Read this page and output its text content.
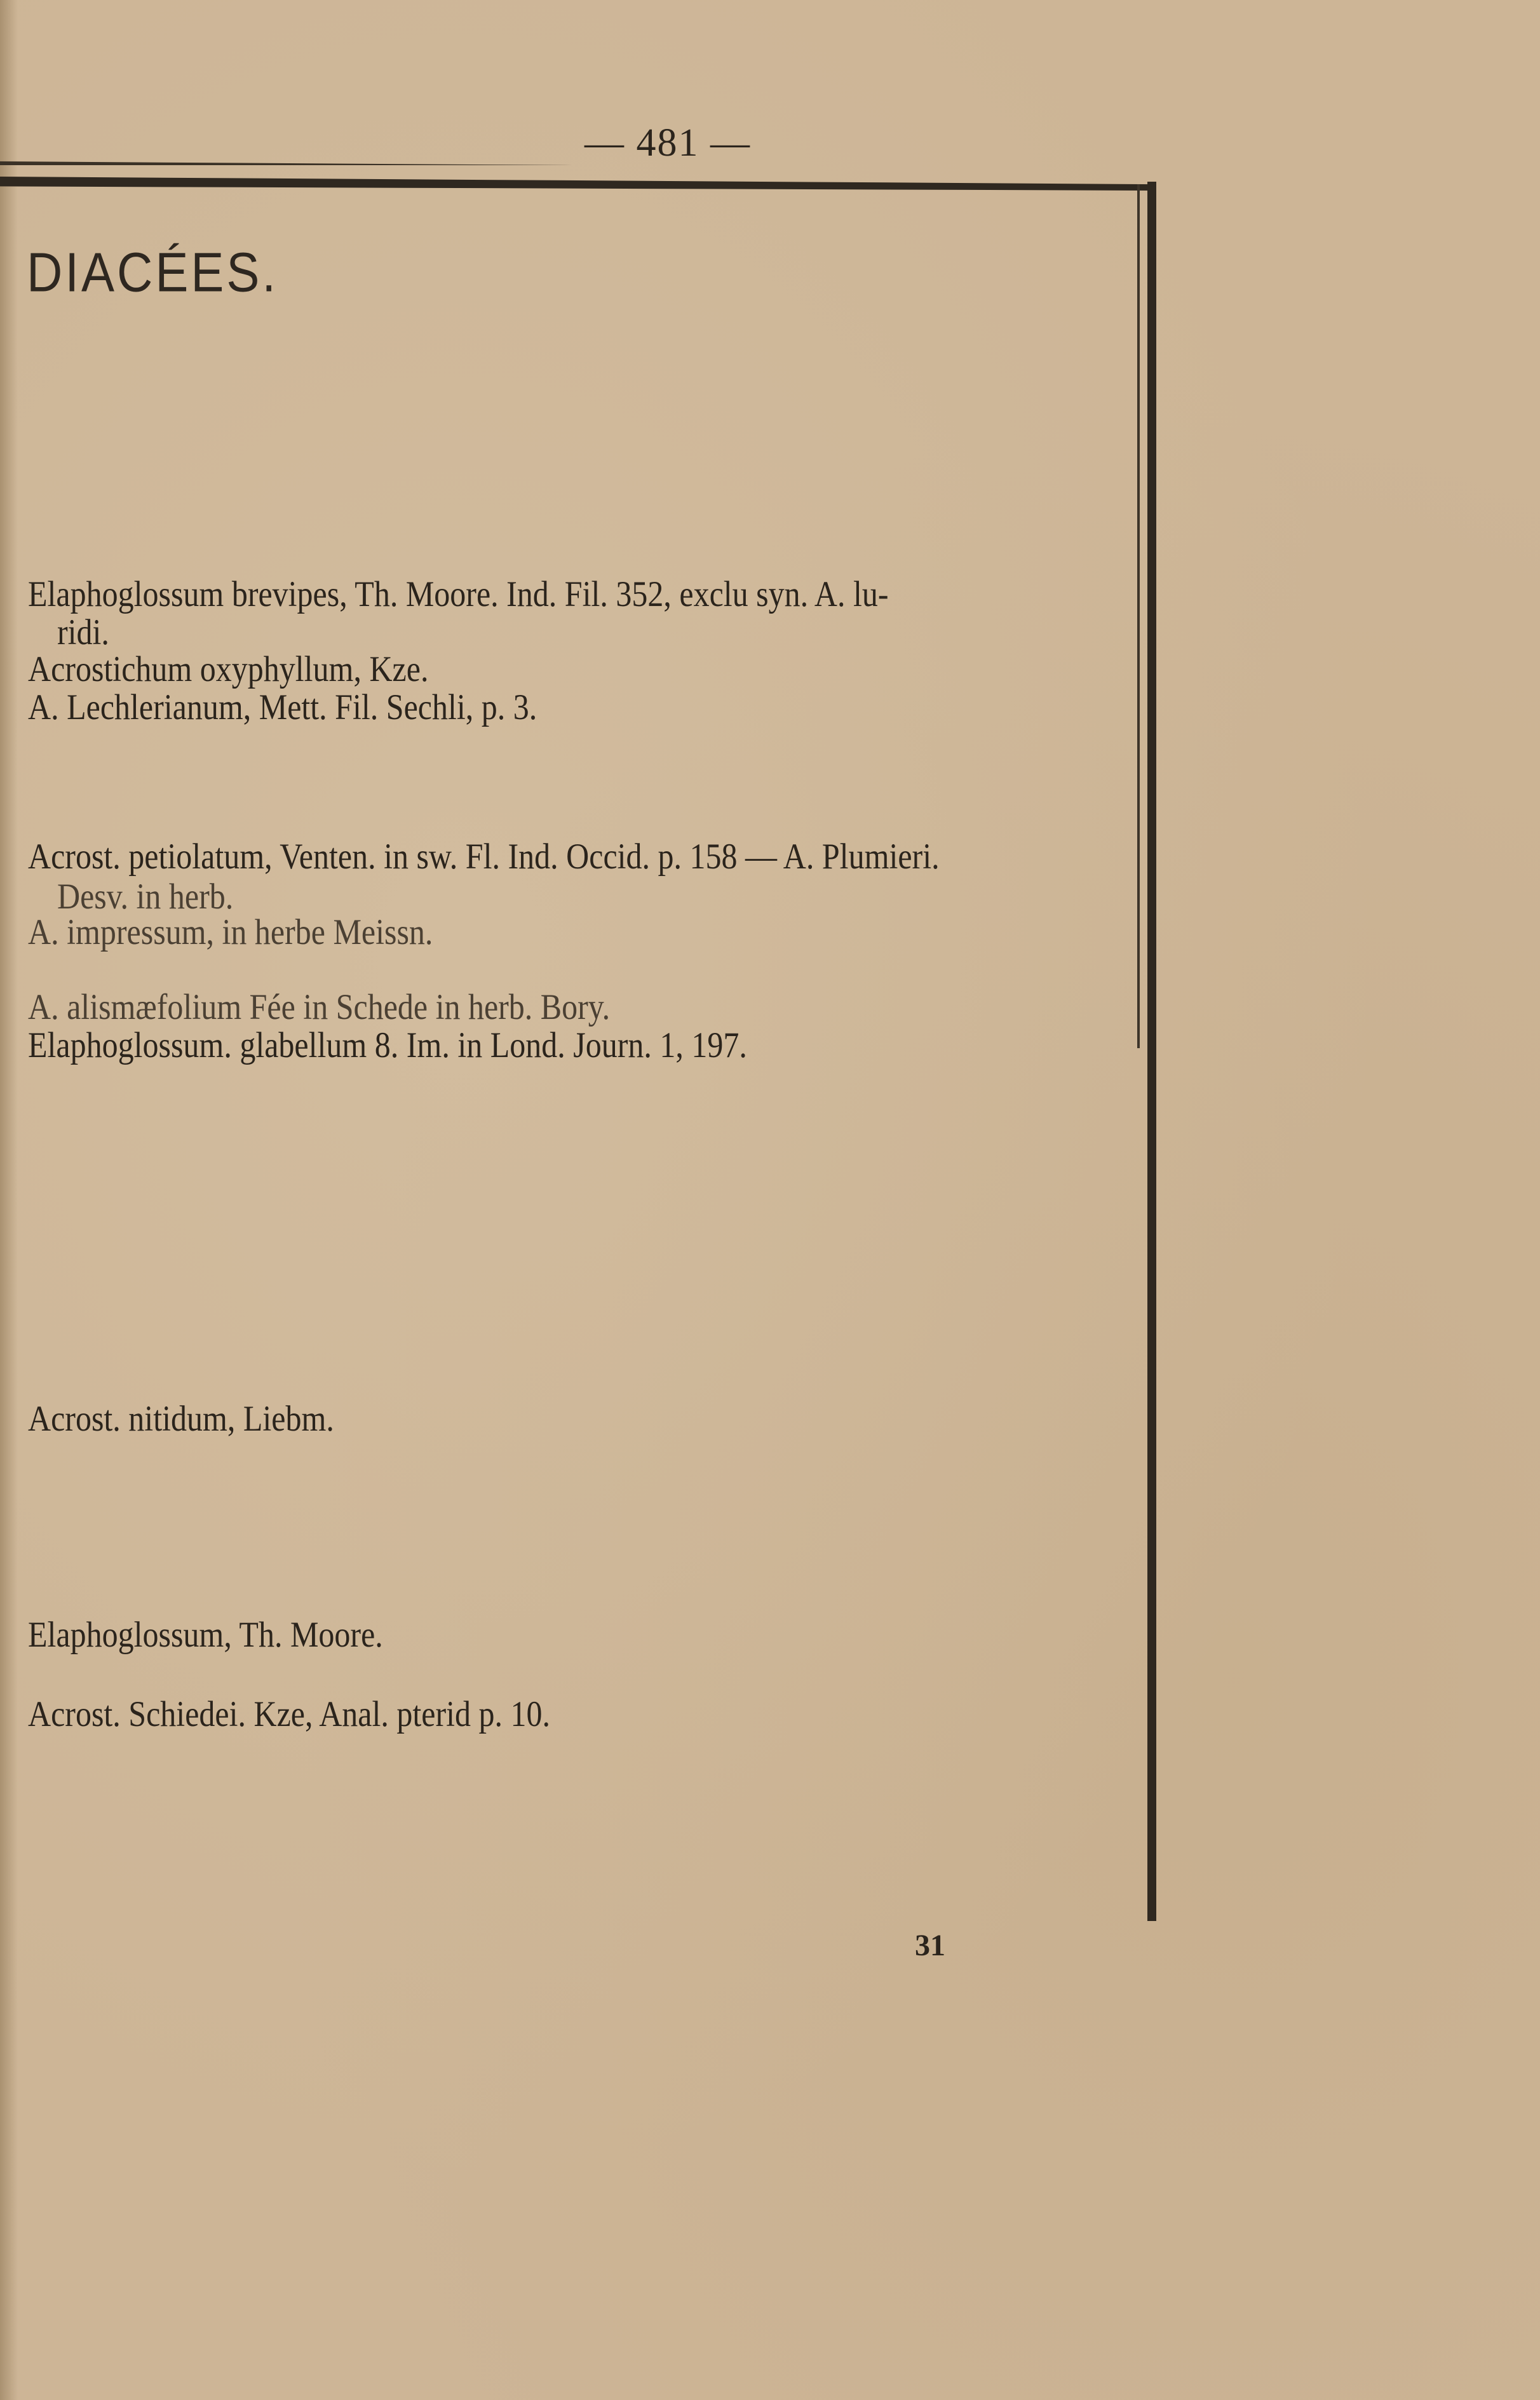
— 481 —
DIACÉES.
Elaphoglossum brevipes, Th. Moore. Ind. Fil. 352, exclu syn. A. lu-
ridi.
Acrostichum oxyphyllum, Kze.
A. Lechlerianum, Mett. Fil. Sechli, p. 3.
Acrost. petiolatum, Venten. in sw. Fl. Ind. Occid. p. 158 — A. Plumieri.
Desv. in herb.
A. impressum, in herbe Meissn.
A. alismæfolium Fée in Schede in herb. Bory.
Elaphoglossum. glabellum 8. Im. in Lond. Journ. 1, 197.
Acrost. nitidum, Liebm.
Elaphoglossum, Th. Moore.
Acrost. Schiedei. Kze, Anal. pterid p. 10.
31
